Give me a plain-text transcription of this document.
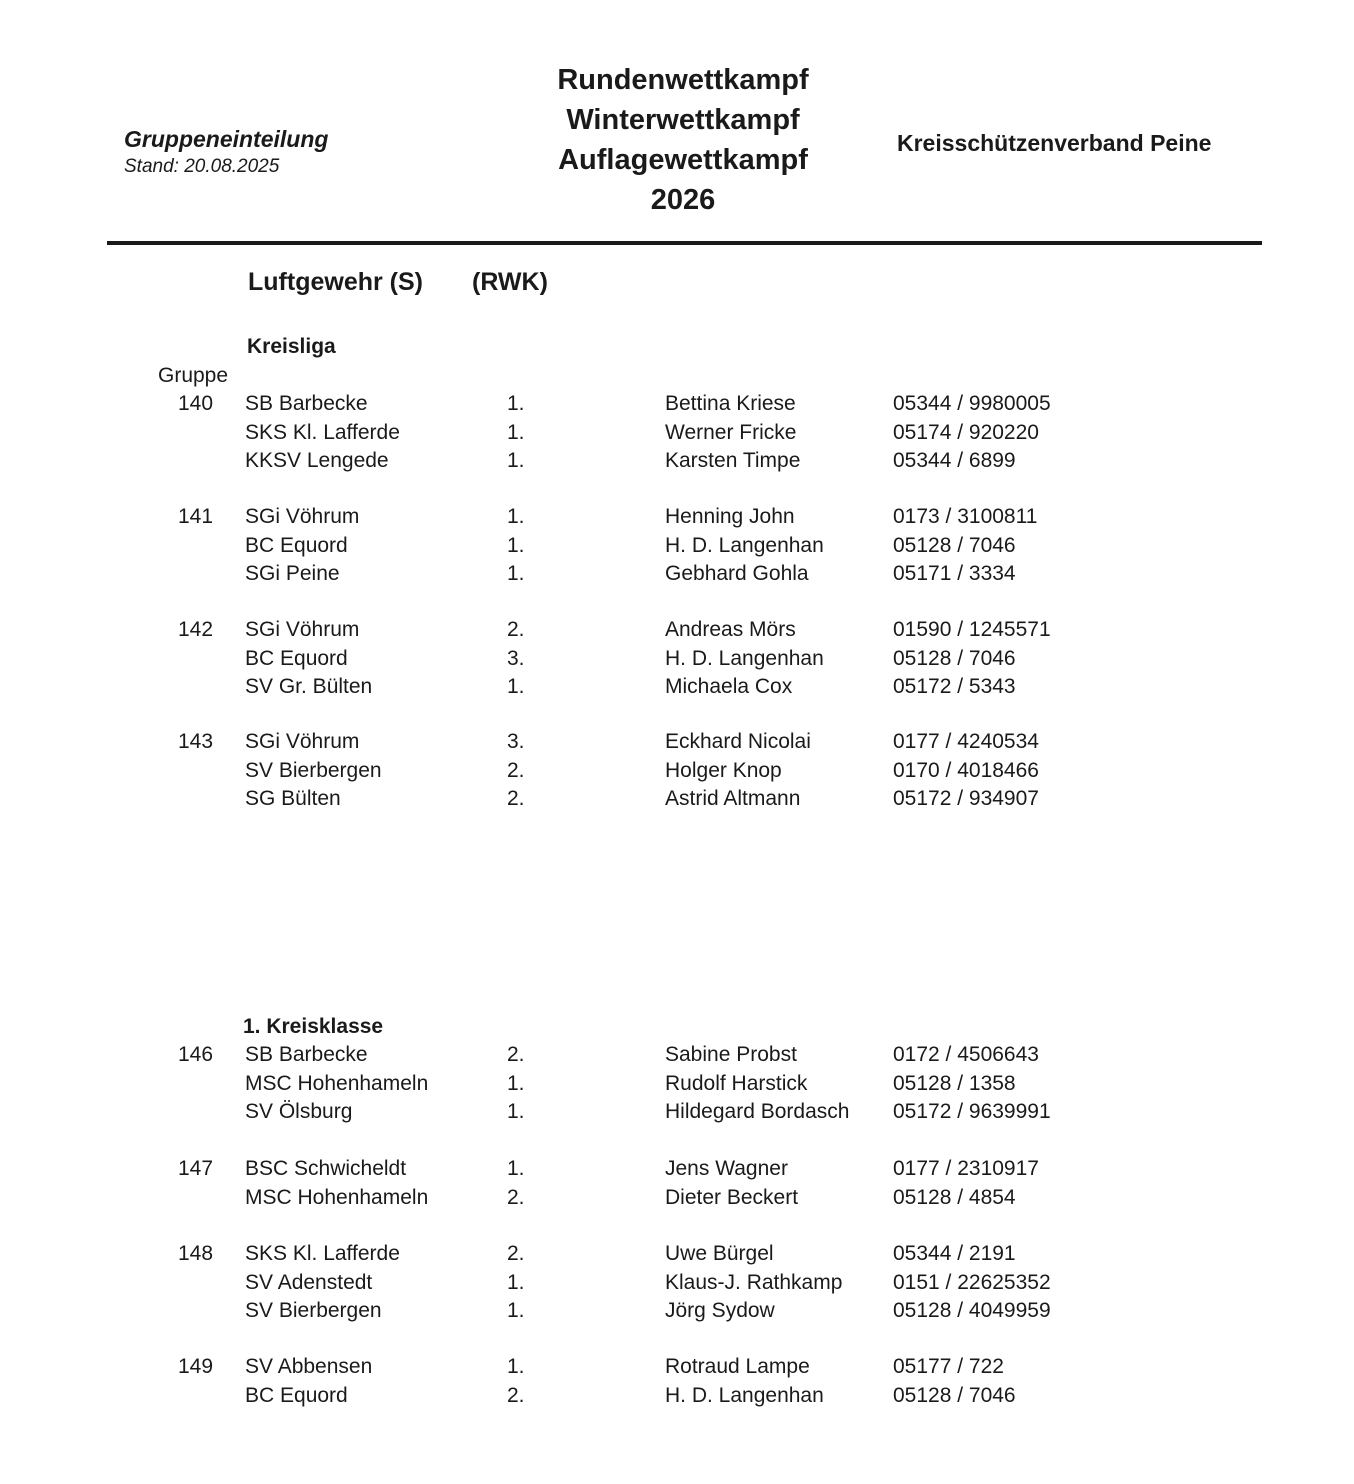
Gruppeneinteilung
Stand: 20.08.2025
Rundenwettkampf
Winterwettkampf
Auflagewettkampf
2026
Kreisschützenverband Peine
Luftgewehr (S) (RWK)
Kreisliga
Gruppe
140 SB Barbecke	1.	Bettina Kriese	05344 / 9980005
SKS Kl. Lafferde	1.	Werner Fricke	05174 / 920220
KKSV Lengede	1.	Karsten Timpe	05344 / 6899
141 SGi Vöhrum	1.	Henning John	0173 / 3100811
BC Equord	1.	H. D. Langenhan	05128 / 7046
SGi Peine	1.	Gebhard Gohla	05171 / 3334
142 SGi Vöhrum	2.	Andreas Mörs	01590 / 1245571
BC Equord	3.	H. D. Langenhan	05128 / 7046
SV Gr. Bülten	1.	Michaela Cox	05172 / 5343
143 SGi Vöhrum	3.	Eckhard Nicolai	0177 / 4240534
SV Bierbergen	2.	Holger Knop	0170 / 4018466
SG Bülten	2.	Astrid Altmann	05172 / 934907
1. Kreisklasse
146 SB Barbecke	2.	Sabine Probst	0172 / 4506643
MSC Hohenhameln	1.	Rudolf Harstick	05128 / 1358
SV Ölsburg	1.	Hildegard Bordasch 05172 / 9639991
147 BSC Schwicheldt	1.	Jens Wagner	0177 / 2310917
MSC Hohenhameln	2.	Dieter Beckert	05128 / 4854
148 SKS Kl. Lafferde	2.	Uwe Bürgel	05344 / 2191
SV Adenstedt	1.	Klaus-J. Rathkamp 0151 / 22625352
SV Bierbergen	1.	Jörg Sydow	05128 / 4049959
149 SV Abbensen	1.	Rotraud Lampe	05177 / 722
BC Equord	2.	H. D. Langenhan	05128 / 7046
